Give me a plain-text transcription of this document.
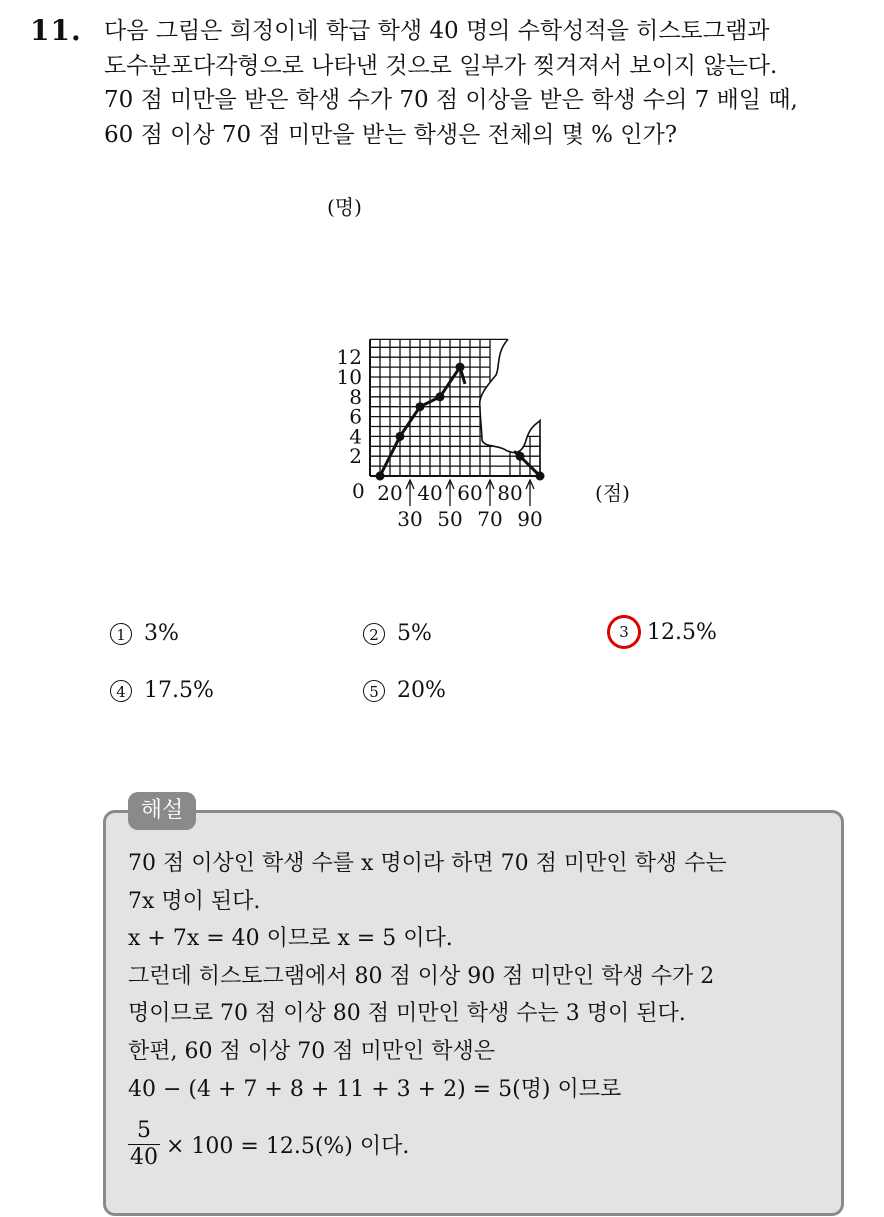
11. 다음 그림은 희정이네 학급 학생 40 명의 수학성적을 히스토그램과
도수분포다각형으로 나타낸 것으로 일부가 찢겨져서 보이지 않는다.
70 점 미만을 받은 학생 수가 70 점 이상을 받은 학생 수의 7 배일 때,
60 점 이상 70 점 미만을 받는 학생은 전체의 몇 % 인가?
2
4
6
8
10
12
20 40 60 80
30 50 70 90
(명)
0	(점)
1 3%	2 5%	3 12.5%
4 17.5%	5 20%
해설
70 점 이상인 학생 수를 x 명이라 하면 70 점 미만인 학생 수는
7x 명이 된다.
x + 7x = 40 이므로 x = 5 이다.
그런데 히스토그램에서 80 점 이상 90 점 미만인 학생 수가 2
명이므로 70 점 이상 80 점 미만인 학생 수는 3 명이 된다.
한편, 60 점 이상 70 점 미만인 학생은
40 − (4 + 7 + 8 + 11 + 3 + 2) = 5(명) 이므로
$\frac{5}{40} \times 100 = 12.5(\%)$ 이다.
